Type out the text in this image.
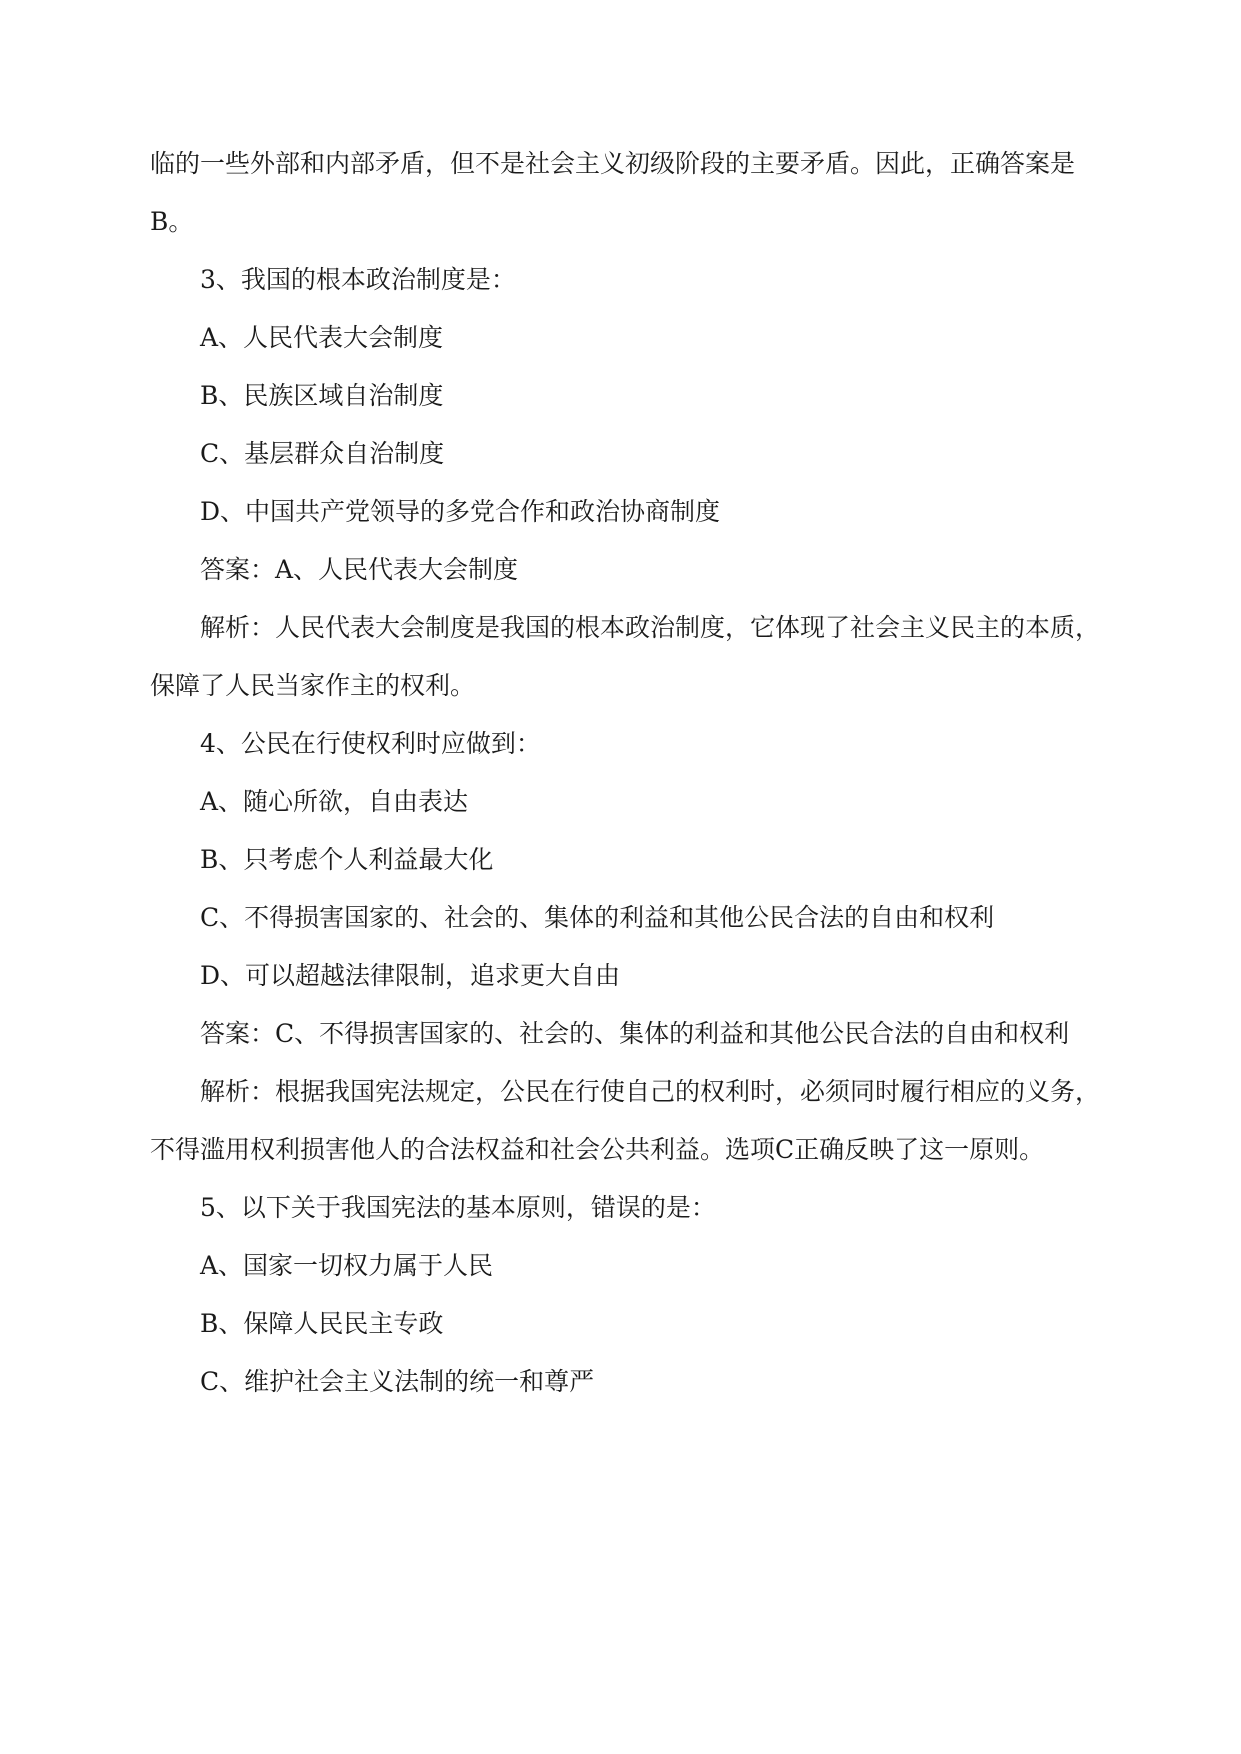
临的一些外部和内部矛盾，但不是社会主义初级阶段的主要矛盾。因此，正确答案是
B。
3、我国的根本政治制度是：
A、人民代表大会制度
B、民族区域自治制度
C、基层群众自治制度
D、中国共产党领导的多党合作和政治协商制度
答案：A、人民代表大会制度
解析：人民代表大会制度是我国的根本政治制度，它体现了社会主义民主的本质，
保障了人民当家作主的权利。
4、公民在行使权利时应做到：
A、随心所欲，自由表达
B、只考虑个人利益最大化
C、不得损害国家的、社会的、集体的利益和其他公民合法的自由和权利
D、可以超越法律限制，追求更大自由
答案：C、不得损害国家的、社会的、集体的利益和其他公民合法的自由和权利
解析：根据我国宪法规定，公民在行使自己的权利时，必须同时履行相应的义务，
不得滥用权利损害他人的合法权益和社会公共利益。选项C正确反映了这一原则。
5、以下关于我国宪法的基本原则，错误的是：
A、国家一切权力属于人民
B、保障人民民主专政
C、维护社会主义法制的统一和尊严
